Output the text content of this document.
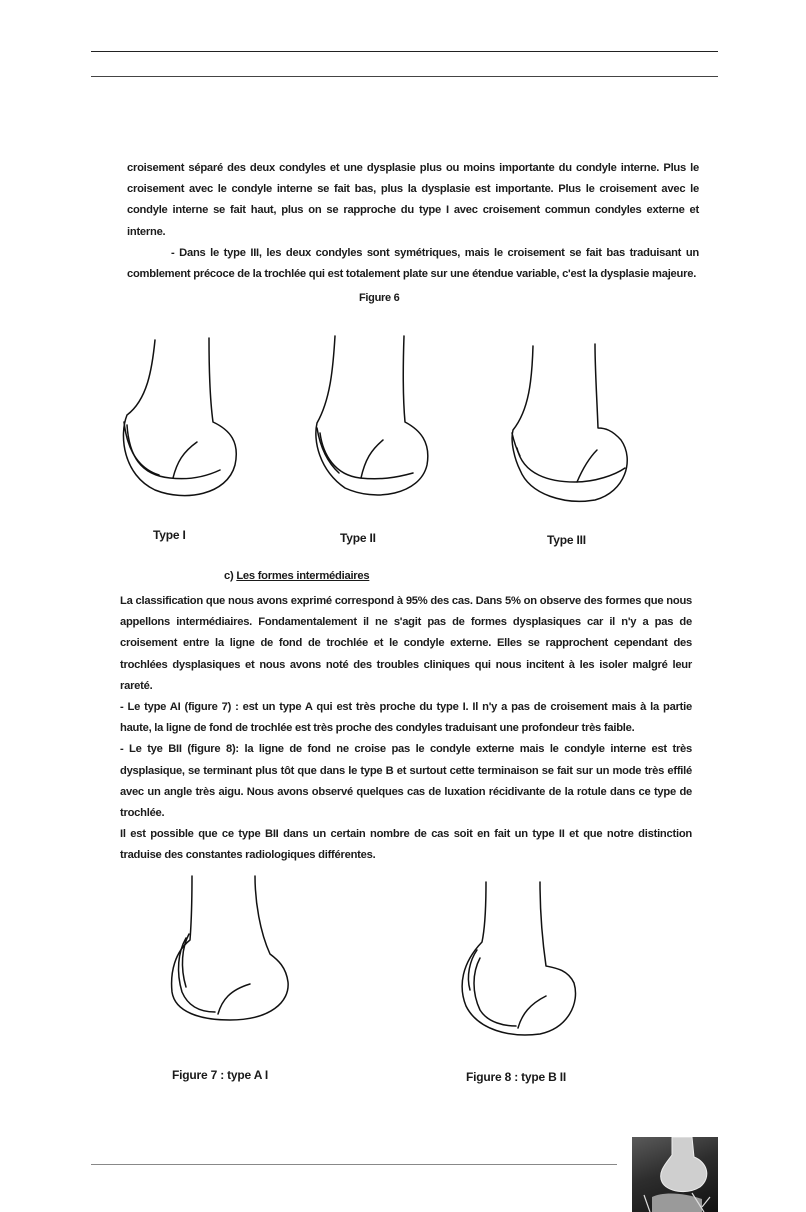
croisement séparé des deux condyles et une dysplasie plus ou moins importante du condyle interne. Plus le croisement avec le condyle interne se fait bas, plus la dysplasie est importante. Plus le croisement avec le condyle interne se fait haut, plus on se rapproche du type I avec croisement commun condyles externe et interne.

- Dans le type III, les deux condyles sont symétriques, mais le croisement se fait bas traduisant un comblement précoce de la trochlée qui est totalement plate sur une étendue variable, c'est la dysplasie majeure.

Figure 6
Type I	Type II	Type III
c) Les formes intermédiaires

La classification que nous avons exprimé correspond à 95% des cas. Dans 5% on observe des formes que nous appellons intermédiaires. Fondamentalement il ne s'agit pas de formes dysplasiques car il n'y a pas de croisement entre la ligne de fond de trochlée et le condyle externe. Elles se rapprochent cependant des trochlées dysplasiques et nous avons noté des troubles cliniques qui nous incitent à les isoler malgré leur rareté.

- Le type AI (figure 7) : est un type A qui est très proche du type I. Il n'y a pas de croisement mais à la partie haute, la ligne de fond de trochlée est très proche des condyles traduisant une profondeur très faible.

- Le tye BII (figure 8): la ligne de fond ne croise pas le condyle externe mais le condyle interne est très dysplasique, se terminant plus tôt que dans le type B et surtout cette terminaison se fait sur un mode très effilé avec un angle très aigu. Nous avons observé quelques cas de luxation récidivante de la rotule dans ce type de trochlée.

Il est possible que ce type BII dans un certain nombre de cas soit en fait un type II et que notre distinction traduise des constantes radiologiques différentes.

Figure 7 : type A I	Figure 8 : type B II
